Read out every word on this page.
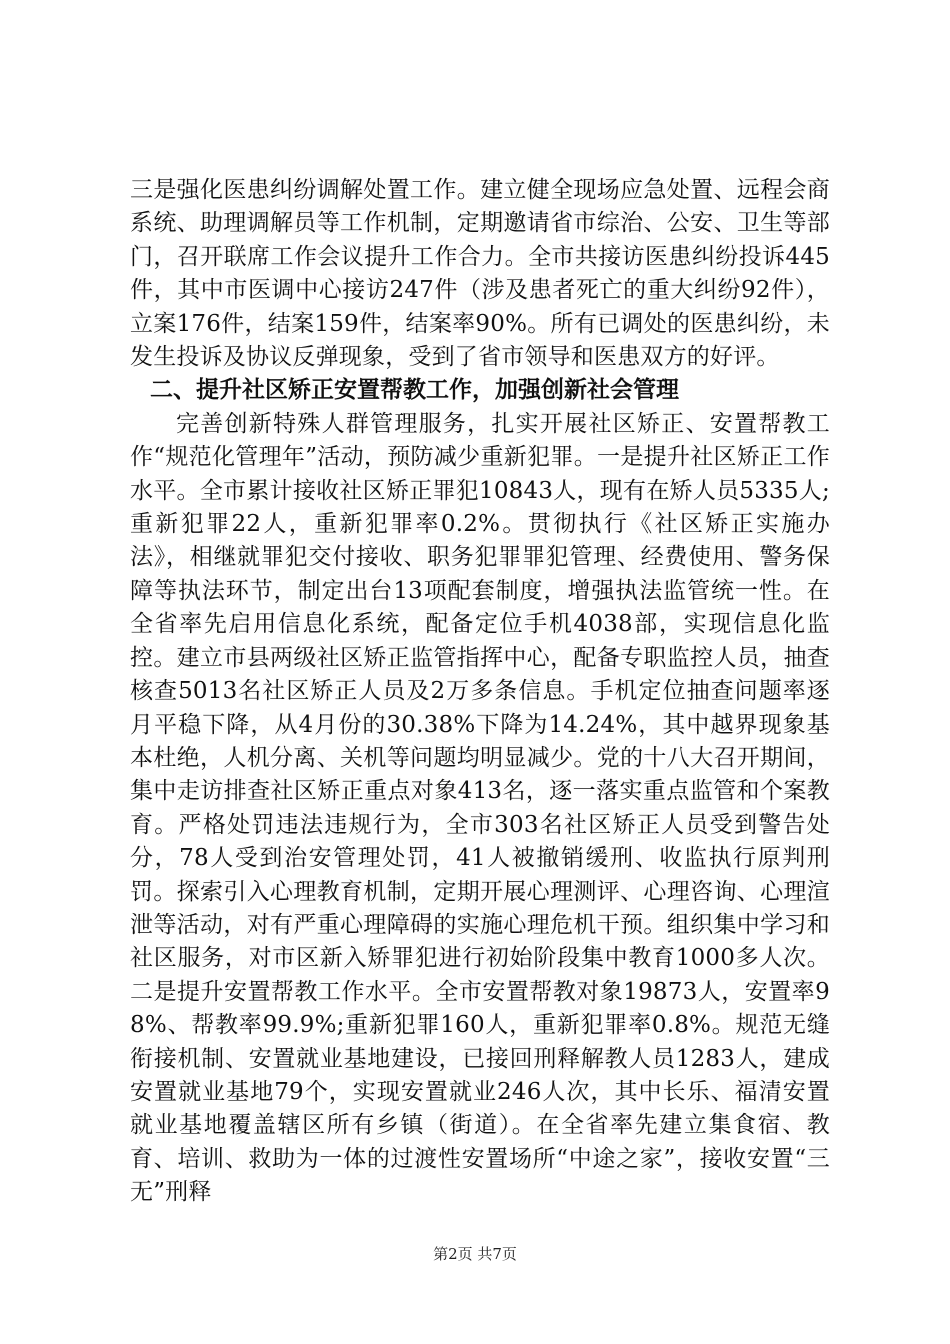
三是强化医患纠纷调解处置工作。建立健全现场应急处置、远程会商系统、助理调解员等工作机制，定期邀请省市综治、公安、卫生等部门，召开联席工作会议提升工作合力。全市共接访医患纠纷投诉445件，其中市医调中心接访247件（涉及患者死亡的重大纠纷92件），立案176件，结案159件，结案率90%。所有已调处的医患纠纷，未发生投诉及协议反弹现象，受到了省市领导和医患双方的好评。

二、提升社区矫正安置帮教工作，加强创新社会管理

完善创新特殊人群管理服务，扎实开展社区矫正、安置帮教工作“规范化管理年”活动，预防减少重新犯罪。一是提升社区矫正工作水平。全市累计接收社区矫正罪犯10843人，现有在矫人员5335人;重新犯罪22人，重新犯罪率0.2%。贯彻执行《社区矫正实施办法》，相继就罪犯交付接收、职务犯罪罪犯管理、经费使用、警务保障等执法环节，制定出台13项配套制度，增强执法监管统一性。在全省率先启用信息化系统，配备定位手机4038部，实现信息化监控。建立市县两级社区矫正监管指挥中心，配备专职监控人员，抽查核查5013名社区矫正人员及2万多条信息。手机定位抽查问题率逐月平稳下降，从4月份的30.38%下降为14.24%，其中越界现象基本杜绝，人机分离、关机等问题均明显减少。党的十八大召开期间，集中走访排查社区矫正重点对象413名，逐一落实重点监管和个案教育。严格处罚违法违规行为，全市303名社区矫正人员受到警告处分，78人受到治安管理处罚，41人被撤销缓刑、收监执行原判刑罚。探索引入心理教育机制，定期开展心理测评、心理咨询、心理渲泄等活动，对有严重心理障碍的实施心理危机干预。组织集中学习和社区服务，对市区新入矫罪犯进行初始阶段集中教育1000多人次。二是提升安置帮教工作水平。全市安置帮教对象19873人，安置率98%、帮教率99.9%;重新犯罪160人，重新犯罪率0.8%。规范无缝衔接机制、安置就业基地建设，已接回刑释解教人员1283人，建成安置就业基地79个，实现安置就业246人次，其中长乐、福清安置就业基地覆盖辖区所有乡镇（街道）。在全省率先建立集食宿、教育、培训、救助为一体的过渡性安置场所“中途之家”，接收安置“三无”刑释

第2页 共7页
